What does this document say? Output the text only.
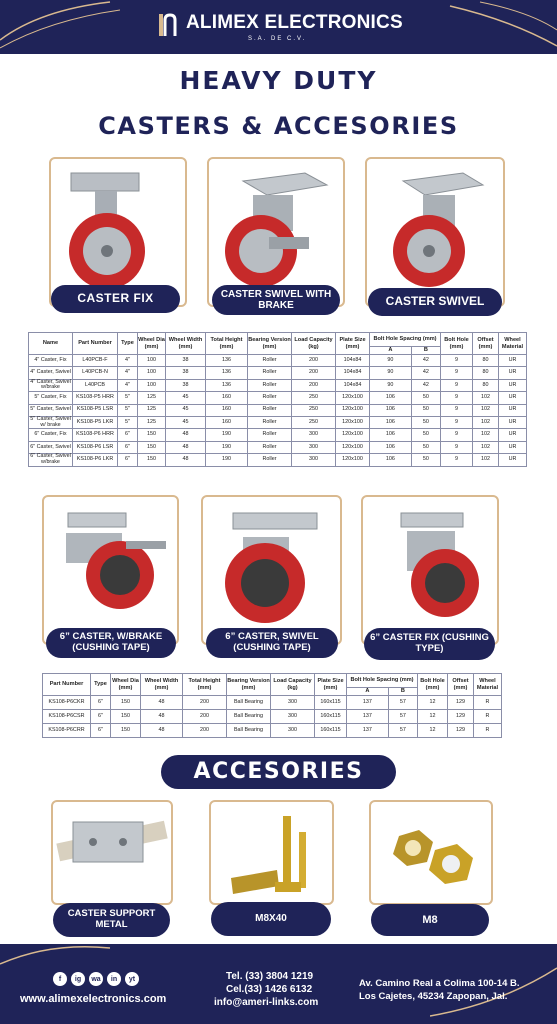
ALIMEX ELECTRONICS
S.A. DE C.V.
HEAVY DUTY
CASTERS & ACCESORIES
CASTER FIX	CASTER SWIVEL WITH BRAKE	CASTER SWIVEL
Name	Part Number	Type	Wheel Dia (mm)	Wheel Width (mm)	Total Height (mm)	Bearing Version (mm)	Load Capacity (kg)	Plate Size (mm)	Bolt Hole Spacing (mm)		Bolt Hole (mm)	Offset (mm)	Wheel Material
									A	B			
4" Caster, Fix	L40PCB-F	4"	100	38	136	Roller	200	104x84	90	42	9	80	UR
4" Caster, Swivel	L40PCB-N	4"	100	38	136	Roller	200	104x84	90	42	9	80	UR
4" Caster, Swivel w/brake	L40PCB	4"	100	38	136	Roller	200	104x84	90	42	9	80	UR
5" Caster, Fix	KS108-P5 HRR	5"	125	45	160	Roller	250	120x100	106	50	9	102	UR
5" Caster, Swivel	KS108-P5 LSR	5"	125	45	160	Roller	250	120x100	106	50	9	102	UR
5" Caster, Swivel w/ brake	KS108-P5 LKR	5"	125	45	160	Roller	250	120x100	106	50	9	102	UR
6" Caster, Fix	KS108-P6 HRR	6"	150	48	190	Roller	300	120x100	106	50	9	102	UR
6" Caster, Swivel	KS108-P6 LSR	6"	150	48	190	Roller	300	120x100	106	50	9	102	UR
6" Caster, Swivel w/brake	KS108-P6 LKR	6"	150	48	190	Roller	300	120x100	106	50	9	102	UR
6” CASTER, W/BRAKE (CUSHING TAPE)
6” CASTER, SWIVEL (CUSHING TAPE)
6” CASTER FIX (CUSHING TYPE)
Part Number	Type	Wheel Dia (mm)	Wheel Width (mm)	Total Height (mm)	Bearing Version (mm)	Load Capacity (kg)	Plate Size (mm)	Bolt Hole Spacing (mm)		Bolt Hole (mm)	Offset (mm)	Wheel Material
								A	B			
KS108-P6CKR	6"	150	48	200	Ball Bearing	300	160x115	137	57	12	129	R
KS108-P6CSR	6"	150	48	200	Ball Bearing	300	160x115	137	57	12	129	R
KS108-P6CRR	6"	150	48	200	Ball Bearing	300	160x115	137	57	12	129	R
ACCESORIES
CASTER SUPPORT METAL
M8X40	M8
f	ig	wa	in	yt
www.alimexelectronics.com
Tel. (33) 3804 1219
Cel.(33) 1426 6132
info@ameri-links.com
Av. Camino Real a Colima 100-14 B.
Los Cajetes, 45234 Zapopan, Jal.
